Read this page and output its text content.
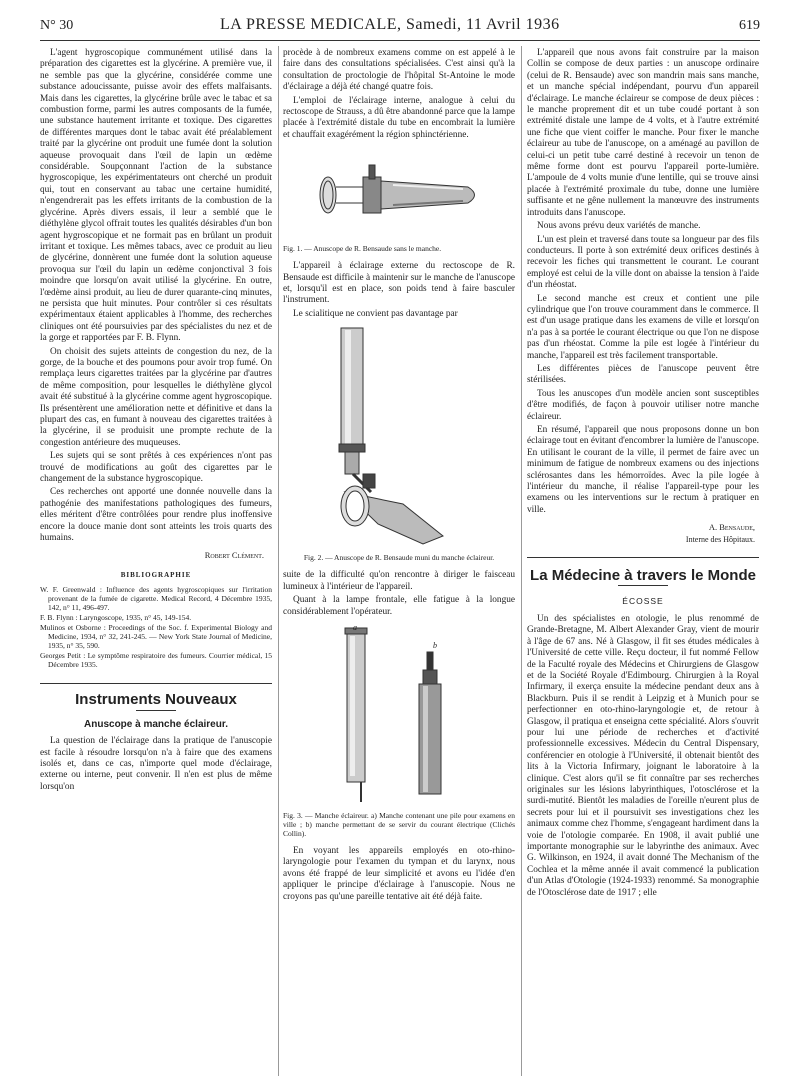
N° 30	LA PRESSE MEDICALE, Samedi, 11 Avril 1936	619

L'agent hygroscopique communément utilisé dans la préparation des cigarettes est la glycérine. A première vue, il ne semble pas que la glycérine, considérée comme une substance adoucissante, puisse avoir des effets malfaisants. Mais dans les cigarettes, la glycérine brûle avec le tabac et sa combustion forme, parmi les autres composants de la fumée, une substance hautement irritante et toxique. Des cigarettes de différentes marques dont le tabac avait été préalablement traité par la glycérine ont produit une fumée dont la solution aqueuse provoquait dans l'œil de lapin un œdème considérable. Soupçonnant l'action de la substance hygroscopique, les expérimentateurs ont cherché un produit qui, tout en conservant au tabac une certaine humidité, n'engendrerait pas les effets irritants de la combustion de la glycérine. Après divers essais, il leur a semblé que le diéthylène glycol offrait toutes les qualités désirables d'un bon agent hygroscopique et ne formait pas en brûlant un produit irritant et toxique. Les mêmes tabacs, avec ce produit au lieu de glycérine, donnèrent une fumée dont la solution aqueuse provoqua sur l'œil du lapin un œdème conjonctival 3 fois moindre que lorsqu'on avait utilisé la glycérine. En outre, l'œdème ainsi produit, au lieu de durer quarante-cinq minutes, ne persista que huit minutes. Pour contrôler si ces résultats expérimentaux étaient applicables à l'homme, des recherches cliniques ont été poursuivies par des spécialistes du nez et de la gorge et rapportées par F. B. Flynn.

On choisit des sujets atteints de congestion du nez, de la gorge, de la bouche et des poumons pour avoir trop fumé. On remplaça leurs cigarettes traitées par la glycérine par d'autres de même composition, pour lesquelles le diéthylène glycol avait été substitué à la glycérine comme agent hygroscopique. Ils présentèrent une amélioration nette et définitive et dans la plupart des cas, en fumant à nouveau des cigarettes traitées à la glycérine, il se produisit une prompte rechute de la congestion antérieure des muqueuses.

Les sujets qui se sont prêtés à ces expériences n'ont pas trouvé de modifications au goût des cigarettes par le changement de la substance hygroscopique.

Ces recherches ont apporté une donnée nouvelle dans la pathogénie des manifestations pathologiques des fumeurs, elles méritent d'être contrôlées pour rendre plus inoffensive encore la douce manie dont sont atteints les trois quarts des humains.

Robert Clément.

BIBLIOGRAPHIE

W. F. Greenwald : Influence des agents hygroscopiques sur l'irritation provenant de la fumée de cigarette. Medical Record, 4 Décembre 1935, 142, n° 11, 496-497.

F. B. Flynn : Laryngoscope, 1935, n° 45, 149-154.

Mulinos et Osborne : Proceedings of the Soc. f. Experimental Biology and Medicine, 1934, n° 32, 241-245. — New York State Journal of Medicine, 1935, n° 35, 590.

Georges Petit : Le symptôme respiratoire des fumeurs. Courrier médical, 15 Décembre 1935.

Instruments Nouveaux

Anuscope à manche éclaireur.

La question de l'éclairage dans la pratique de l'anuscopie est facile à résoudre lorsqu'on n'a à faire que des examens isolés et, dans ce cas, n'importe quel mode d'éclairage, externe ou interne, peut convenir. Il n'en est plus de même lorsqu'on

procède à de nombreux examens comme on est appelé à le faire dans des consultations spécialisées. C'est ainsi qu'à la consultation de proctologie de l'hôpital St-Antoine le mode d'éclairage a déjà été changé quatre fois.

L'emploi de l'éclairage interne, analogue à celui du rectoscope de Strauss, a dû être abandonné parce que la lampe placée à l'extrémité distale du tube en encombrait la lumière et chauffait exagérément la région sphinctérienne.

Fig. 1. — Anuscope de R. Bensaude sans le manche.

L'appareil à éclairage externe du rectoscope de R. Bensaude est difficile à maintenir sur le manche de l'anuscope et, lorsqu'il est en place, son poids tend à faire basculer l'instrument.

Le scialitique ne convient pas davantage par

Fig. 2. — Anuscope de R. Bensaude muni du manche éclaireur.

suite de la difficulté qu'on rencontre à diriger le faisceau lumineux à l'intérieur de l'appareil.

Quant à la lampe frontale, elle fatigue à la longue considérablement l'opérateur.

a
b

Fig. 3. — Manche éclaireur. a) Manche contenant une pile pour examens en ville ; b) manche permettant de se servir du courant électrique (Clichés Collin).

En voyant les appareils employés en oto-rhino-laryngologie pour l'examen du tympan et du larynx, nous avons été frappé de leur simplicité et avons eu l'idée d'en appliquer le principe d'éclairage à l'anuscopie. Nous ne croyons pas qu'une pareille tentative ait été déjà faite.

L'appareil que nous avons fait construire par la maison Collin se compose de deux parties : un anuscope ordinaire (celui de R. Bensaude) avec son mandrin mais sans manche, et un manche spécial indépendant, pourvu d'un appareil d'éclairage. Le manche éclaireur se compose de deux pièces : le manche proprement dit et un tube coudé portant à son extrémité distale une lampe de 4 volts, et à l'autre extrémité une fiche que vient coiffer le manche. Pour fixer le manche éclaireur au tube de l'anuscope, on a aménagé au pavillon de celui-ci un petit tube carré destiné à recevoir un tenon de même forme dont est pourvu l'appareil porte-lumière. L'ampoule de 4 volts munie d'une lentille, qui se trouve ainsi placée à l'extrémité proximale du tube, donne une lumière suffisante et ne gêne nullement la manœuvre des instruments introduits dans l'anuscope.

Nous avons prévu deux variétés de manche.

L'un est plein et traversé dans toute sa longueur par des fils conducteurs. Il porte à son extrémité deux orifices destinés à recevoir les fiches qui transmettent le courant. Le courant employé est celui de la ville dont on abaisse la tension à l'aide d'un rhéostat.

Le second manche est creux et contient une pile cylindrique que l'on trouve couramment dans le commerce. Il est d'un usage pratique dans les examens de ville et lorsqu'on n'a pas à sa portée le courant électrique ou que l'on ne dispose pas d'un rhéostat. Comme la pile est logée à l'intérieur du manche, l'appareil est très facilement transportable.

Les différentes pièces de l'anuscope peuvent être stérilisées.

Tous les anuscopes d'un modèle ancien sont susceptibles d'être modifiés, de façon à pouvoir utiliser notre manche éclaireur.

En résumé, l'appareil que nous proposons donne un bon éclairage tout en évitant d'encombrer la lumière de l'anuscope. En utilisant le courant de la ville, il permet de faire avec un minimum de fatigue de nombreux examens ou des injections sclérosantes dans les hémorroïdes. Avec la pile logée à l'intérieur du manche, il réalise l'appareil-type pour les examens ou les interventions sur le rectum à pratiquer en ville.

A. Bensaude,

Interne des Hôpitaux.

La Médecine à travers le Monde

ÉCOSSE

Un des spécialistes en otologie, le plus renommé de Grande-Bretagne, M. Albert Alexander Gray, vient de mourir à l'âge de 67 ans. Né à Glasgow, il fit ses études médicales à l'Université de cette ville. Reçu docteur, il fut nommé Fellow de la Faculté royale des Médecins et Chirurgiens de Glasgow et de la Société Royale d'Edimbourg. Chirurgien à la Royal Infirmary, il exerça ensuite la médecine pendant deux ans à Blackburn. Puis il se rendit à Leipzig et à Munich pour se perfectionner en oto-rhino-laryngologie et, de retour à Glasgow, il pratiqua et enseigna cette spécialité. Alors s'ouvrit pour lui une période de recherches et d'activité professionnelle excessives. Médecin du Central Dispensary, conférencier en otologie à l'Université, il obtenait bientôt des lits à la Victoria Infirmary, joignant le laboratoire à la clinique. C'est alors qu'il se fit connaître par ses recherches originales sur les lésions labyrinthiques, l'otosclérose et la surdi-mutité. Bientôt les maladies de l'oreille n'eurent plus de secrets pour lui et il poursuivit ses investigations chez les animaux comme chez l'homme, s'engageant hardiment dans la voie de l'otologie comparée. En 1908, il avait publié une importante monographie sur le labyrinthe des animaux. Avec G. Wilkinson, en 1924, il avait donné The Mechanism of the Cochlea et la même année il avait commencé la publication d'un Atlas d'Otologie (1924-1933) renommé. Sa monographie de l'Otosclérose date de 1917 ; elle
